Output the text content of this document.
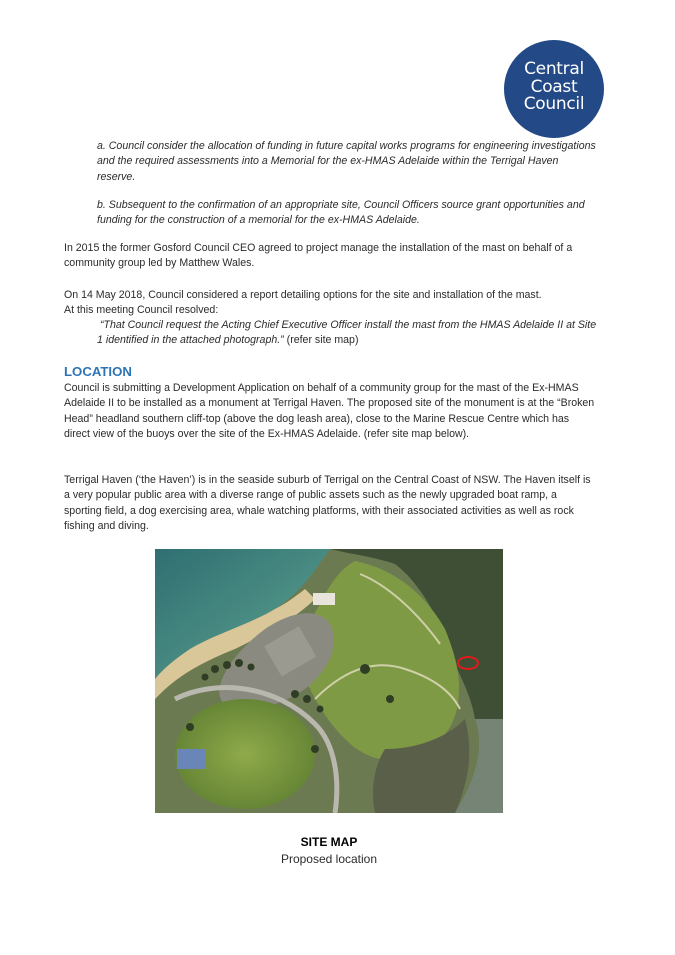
Central
Coast
Council

a. Council consider the allocation of funding in future capital works programs for engineering investigations and the required assessments into a Memorial for the ex-HMAS Adelaide within the Terrigal Haven reserve.

b. Subsequent to the confirmation of an appropriate site, Council Officers source grant opportunities and funding for the construction of a memorial for the ex-HMAS Adelaide.

In 2015 the former Gosford Council CEO agreed to project manage the installation of the mast on behalf of a community group led by Matthew Wales.

On 14 May 2018, Council considered a report detailing options for the site and installation of the mast.
At this meeting Council resolved:

“That Council request the Acting Chief Executive Officer install the mast from the HMAS Adelaide II at Site 1 identified in the attached photograph.” (refer site map)

LOCATION

Council is submitting a Development Application on behalf of a community group for the mast of the Ex-HMAS Adelaide II to be installed as a monument at Terrigal Haven. The proposed site of the monument is at the “Broken Head” headland southern cliff-top (above the dog leash area), close to the Marine Rescue Centre which has direct view of the buoys over the site of the Ex-HMAS Adelaide. (refer site map below).

Terrigal Haven (‘the Haven’) is in the seaside suburb of Terrigal on the Central Coast of NSW. The Haven itself is a very popular public area with a diverse range of public assets such as the newly upgraded boat ramp, a sporting field, a dog exercising area, whale watching platforms, with their associated activities as well as rock fishing and diving.

SITE MAP
Proposed location
